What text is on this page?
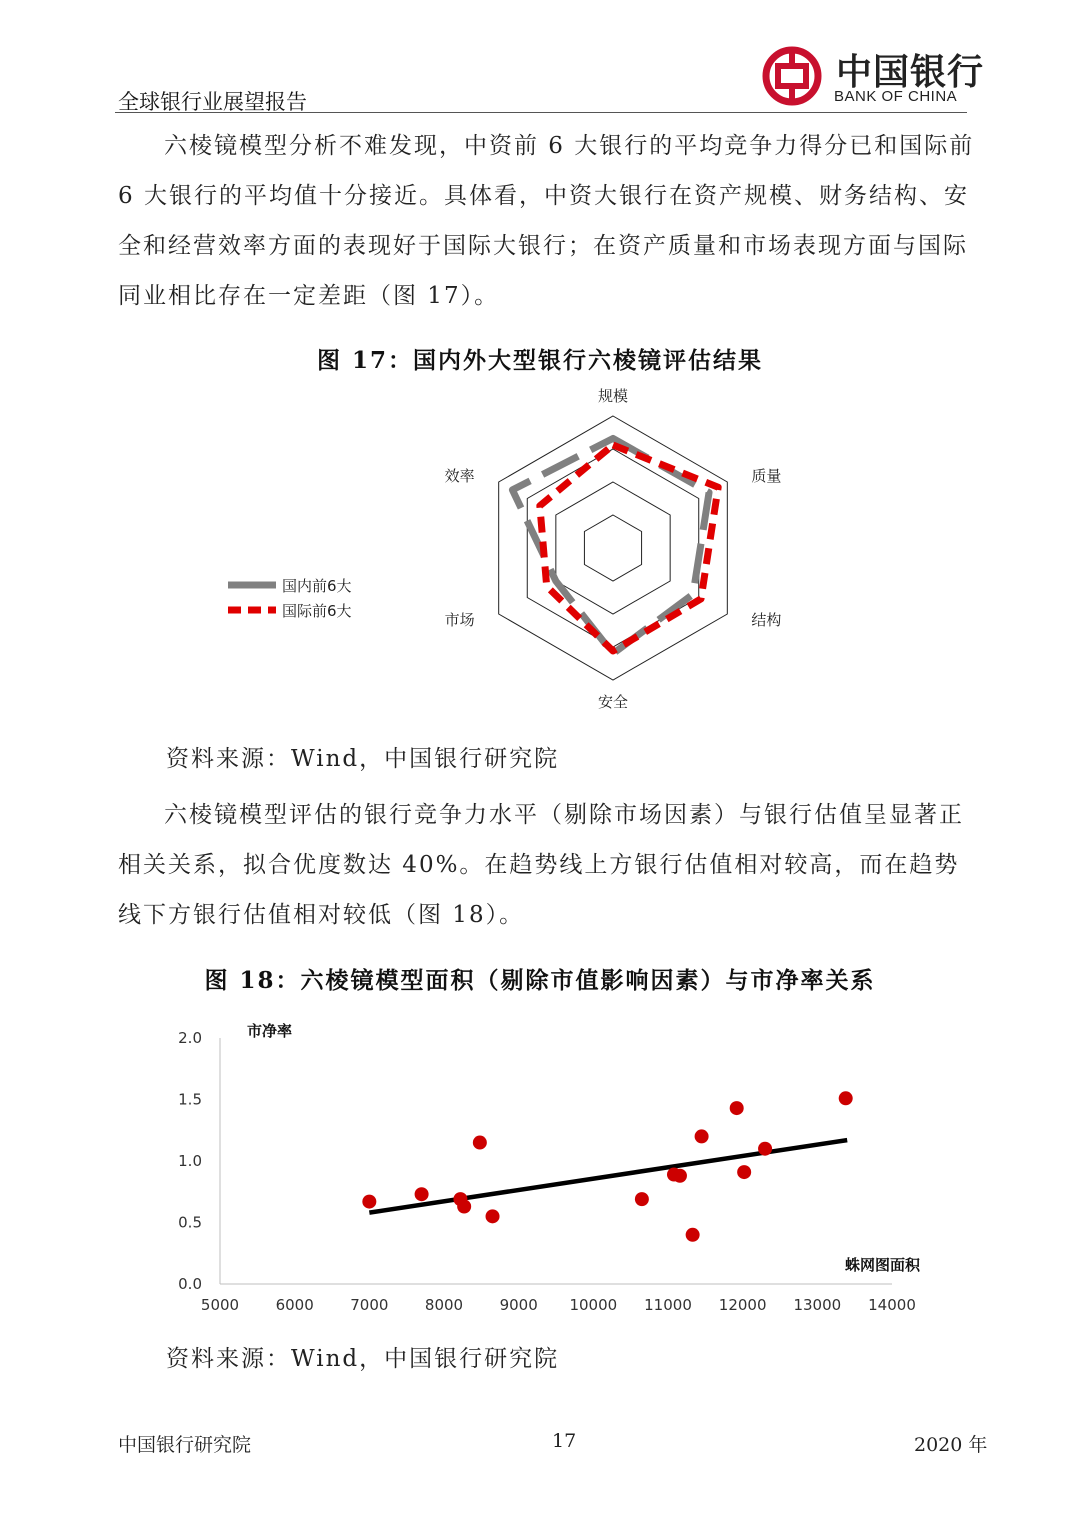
全球银行业展望报告
中国银行
BANK OF CHINA

六棱镜模型分析不难发现，中资前 6 大银行的平均竞争力得分已和国际前 6 大银行的平均值十分接近。具体看，中资大银行在资产规模、财务结构、安全和经营效率方面的表现好于国际大银行；在资产质量和市场表现方面与国际同业相比存在一定差距（图 17）。

图 17：国内外大型银行六棱镜评估结果
规模
质量
结构
安全
市场
效率
国内前6大
国际前6大
资料来源：Wind，中国银行研究院

六棱镜模型评估的银行竞争力水平（剔除市场因素）与银行估值呈显著正相关关系，拟合优度数达 40%。在趋势线上方银行估值相对较高，而在趋势线下方银行估值相对较低（图 18）。

图 18：六棱镜模型面积（剔除市值影响因素）与市净率关系
5000 6000 7000 8000 9000 10000 11000 12000 13000 14000
0.0
0.5
1.0
1.5
2.0	市净率
蛛网图面积
资料来源：Wind，中国银行研究院
中国银行研究院	17	2020 年
